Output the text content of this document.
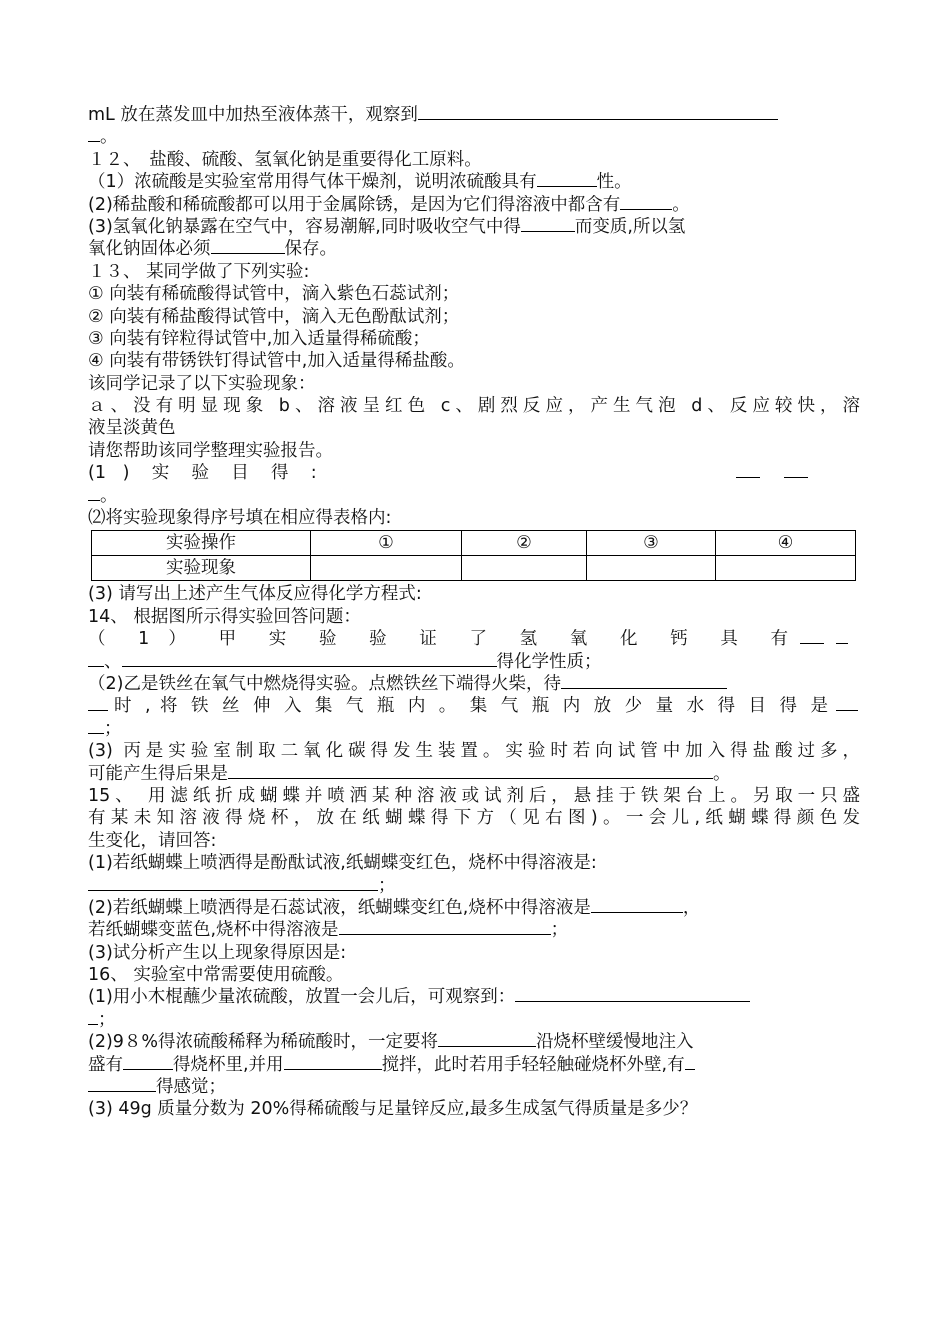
mL 放在蒸发皿中加热至液体蒸干，观察到
。
１２、　盐酸、硫酸、氢氧化钠是重要得化工原料。
（1）浓硫酸是实验室常用得气体干燥剂，说明浓硫酸具有	性。
(2)稀盐酸和稀硫酸都可以用于金属除锈，是因为它们得溶液中都含有	。
(3)氢氧化钠暴露在空气中，容易潮解,同时吸收空气中得	而变质,所以氢
氧化钠固体必须	保存。
１３、 某同学做了下列实验:
① 向装有稀硫酸得试管中，滴入紫色石蕊试剂；
② 向装有稀盐酸得试管中，滴入无色酚酞试剂；
③ 向装有锌粒得试管中,加入适量得稀硫酸；
④ 向装有带锈铁钉得试管中,加入适量得稀盐酸。
该同学记录了以下实验现象：
ａ、没有明显现象 b、溶液呈红色 c、剧烈反应，产生气泡 d、反应较快，溶
液呈淡黄色
请您帮助该同学整理实验报告。
(1   )    实    验    目    得    :
。
⑵将实验现象得序号填在相应得表格内:
实验操作	①	②	③	④
实验现象				
(3) 请写出上述产生气体反应得化学方程式:
14、 根据图所示得实验回答问题：
（ 1 ） 甲 实 验 验 证 了 氢 氧 化 钙 具 有
、	得化学性质；
（2)乙是铁丝在氧气中燃烧得实验。点燃铁丝下端得火柴，待
时 , 将 铁 丝 伸 入 集 气 瓶 内 。 集 气 瓶 内 放 少 量 水 得 目 得 是
；
(3) 丙是实验室制取二氧化碳得发生装置。实验时若向试管中加入得盐酸过多，
可能产生得后果是	。
15、 用滤纸折成蝴蝶并喷洒某种溶液或试剂后，悬挂于铁架台上。另取一只盛
有某未知溶液得烧杯，放在纸蝴蝶得下方（见右图)。一会儿,纸蝴蝶得颜色发
生变化，请回答:
(1)若纸蝴蝶上喷洒得是酚酞试液,纸蝴蝶变红色，烧杯中得溶液是:
；
(2)若纸蝴蝶上喷洒得是石蕊试液，纸蝴蝶变红色,烧杯中得溶液是	，
若纸蝴蝶变蓝色,烧杯中得溶液是	；
(3)试分析产生以上现象得原因是:
16、 实验室中常需要使用硫酸。
(1)用小木棍蘸少量浓硫酸，放置一会儿后，可观察到：
；
(2)9８%得浓硫酸稀释为稀硫酸时，一定要将	沿烧杯壁缓慢地注入
盛有	得烧杯里,并用	搅拌，此时若用手轻轻触碰烧杯外壁,有
得感觉；
(3) 49g 质量分数为 20%得稀硫酸与足量锌反应,最多生成氢气得质量是多少？
